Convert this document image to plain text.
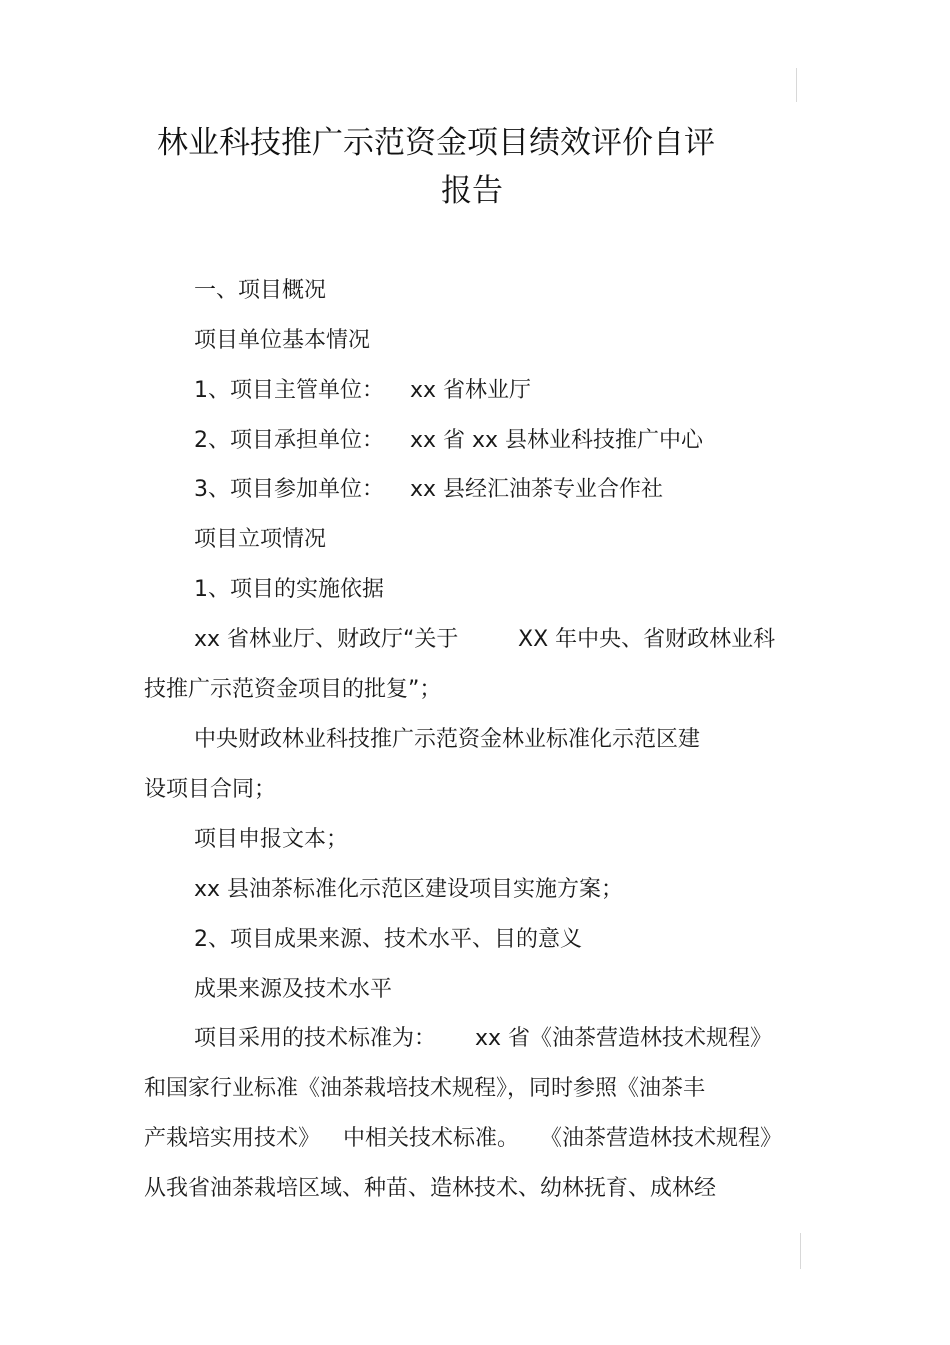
林业科技推广示范资金项目绩效评价自评
报告
一、项目概况
项目单位基本情况
1、项目主管单位： xx 省林业厅
2、项目承担单位： xx 省 xx 县林业科技推广中心
3、项目参加单位： xx 县经汇油茶专业合作社
项目立项情况
1、项目的实施依据
xx 省林业厅、财政厅“关于	XX 年中央、省财政林业科
技推广示范资金项目的批复”；
中央财政林业科技推广示范资金林业标准化示范区建
设项目合同；
项目申报文本；
xx 县油茶标准化示范区建设项目实施方案；
2、项目成果来源、技术水平、目的意义
成果来源及技术水平
项目采用的技术标准为： xx 省《油茶营造林技术规程》
和国家行业标准《油茶栽培技术规程》，同时参照《油茶丰
产栽培实用技术》 中相关技术标准。 《油茶营造林技术规程》
从我省油茶栽培区域、种苗、造林技术、幼林抚育、成林经
